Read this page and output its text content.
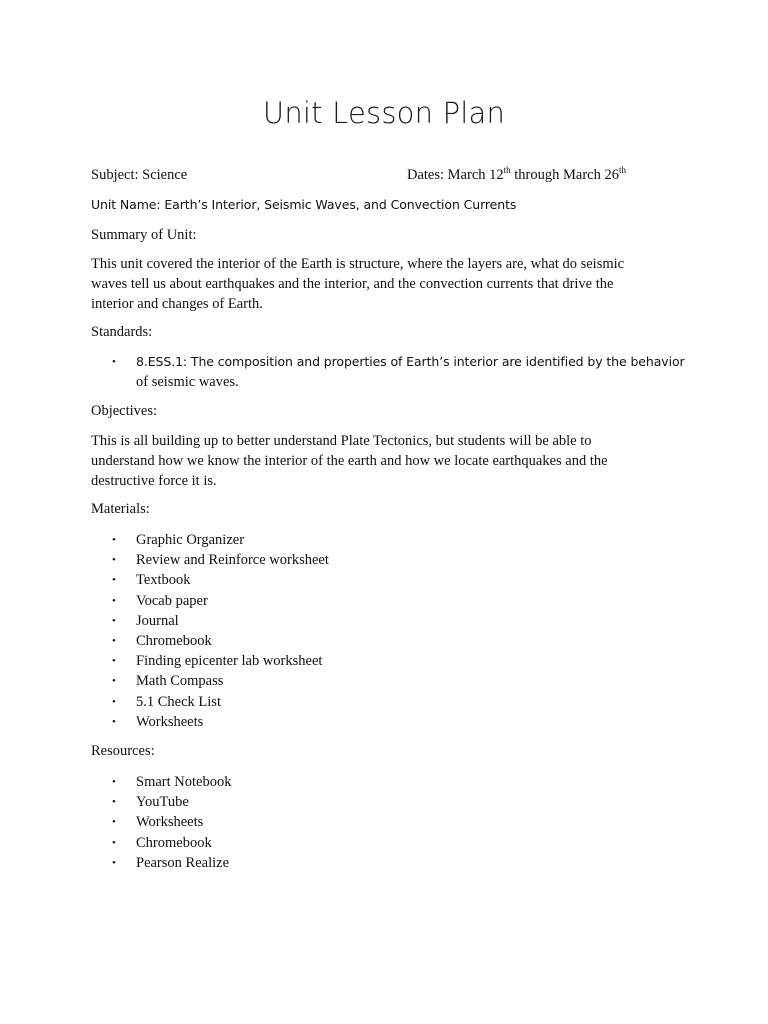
Unit Lesson Plan
Subject: Science	Dates: March 12th through March 26th
Unit Name: Earth’s Interior, Seismic Waves, and Convection Currents
Summary of Unit:
This unit covered the interior of the Earth is structure, where the layers are, what do seismic
waves tell us about earthquakes and the interior, and the convection currents that drive the
interior and changes of Earth.
Standards:
• 8.ESS.1: The composition and properties of Earth’s interior are identified by the behavior
of seismic waves.
Objectives:
This is all building up to better understand Plate Tectonics, but students will be able to
understand how we know the interior of the earth and how we locate earthquakes and the
destructive force it is.
Materials:
• Graphic Organizer
• Review and Reinforce worksheet
• Textbook
• Vocab paper
• Journal
• Chromebook
• Finding epicenter lab worksheet
• Math Compass
• 5.1 Check List
• Worksheets
Resources:
• Smart Notebook
• YouTube
• Worksheets
• Chromebook
• Pearson Realize
